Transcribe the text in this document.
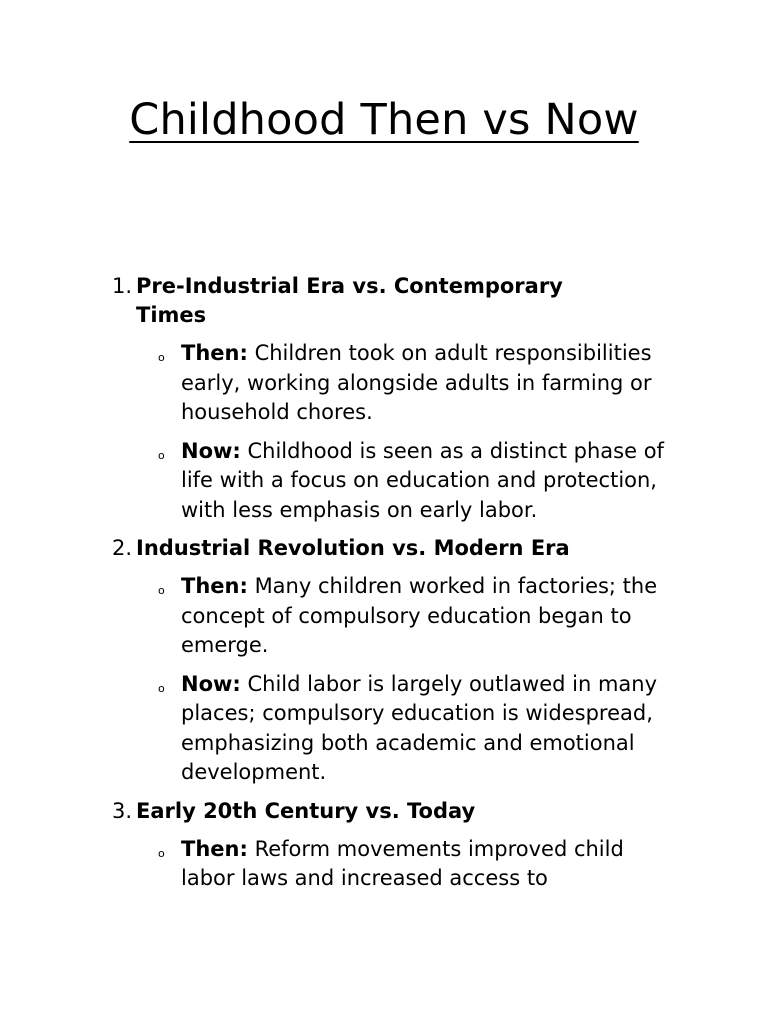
Childhood Then vs Now
1. Pre-Industrial Era vs. Contemporary Times
o Then: Children took on adult responsibilities early, working alongside adults in farming or household chores.
o Now: Childhood is seen as a distinct phase of life with a focus on education and protection, with less emphasis on early labor.
2. Industrial Revolution vs. Modern Era
o Then: Many children worked in factories; the concept of compulsory education began to emerge.
o Now: Child labor is largely outlawed in many places; compulsory education is widespread, emphasizing both academic and emotional development.
3. Early 20th Century vs. Today
o Then: Reform movements improved child labor laws and increased access to
